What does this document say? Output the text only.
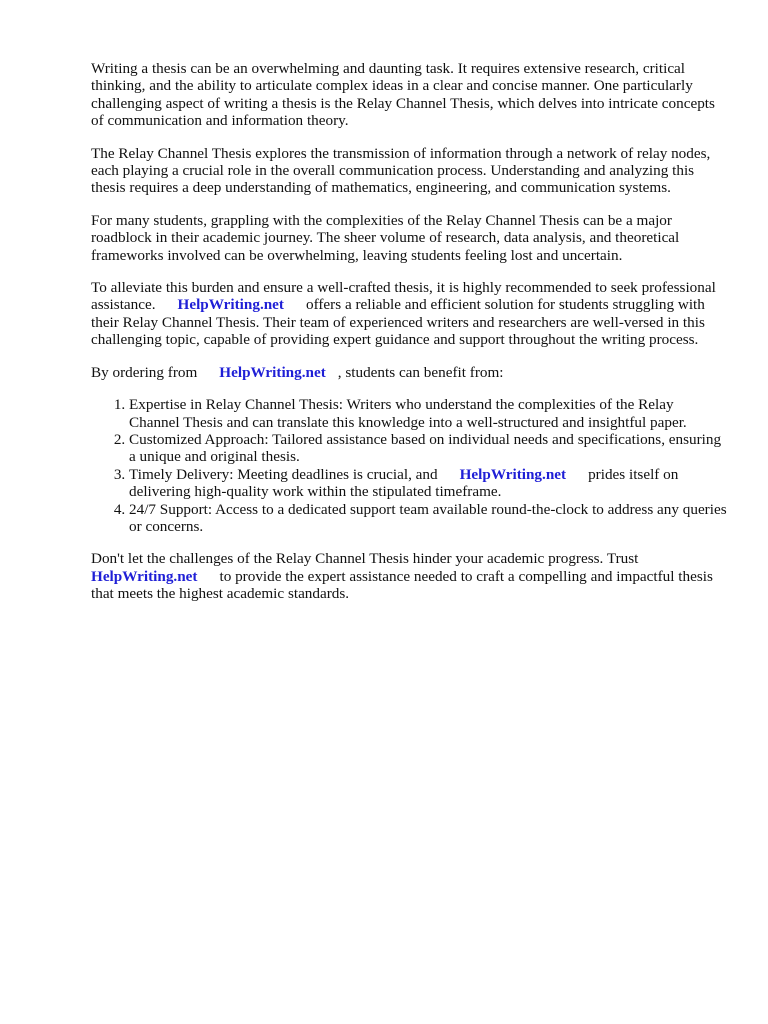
Writing a thesis can be an overwhelming and daunting task. It requires extensive research, critical thinking, and the ability to articulate complex ideas in a clear and concise manner. One particularly challenging aspect of writing a thesis is the Relay Channel Thesis, which delves into intricate concepts of communication and information theory.

The Relay Channel Thesis explores the transmission of information through a network of relay nodes, each playing a crucial role in the overall communication process. Understanding and analyzing this thesis requires a deep understanding of mathematics, engineering, and communication systems.

For many students, grappling with the complexities of the Relay Channel Thesis can be a major roadblock in their academic journey. The sheer volume of research, data analysis, and theoretical frameworks involved can be overwhelming, leaving students feeling lost and uncertain.

To alleviate this burden and ensure a well-crafted thesis, it is highly recommended to seek professional assistance. HelpWriting.net offers a reliable and efficient solution for students struggling with their Relay Channel Thesis. Their team of experienced writers and researchers are well-versed in this challenging topic, capable of providing expert guidance and support throughout the writing process.

By ordering from HelpWriting.net , students can benefit from:

1. Expertise in Relay Channel Thesis: Writers who understand the complexities of the Relay Channel Thesis and can translate this knowledge into a well-structured and insightful paper.
2. Customized Approach: Tailored assistance based on individual needs and specifications, ensuring a unique and original thesis.
3. Timely Delivery: Meeting deadlines is crucial, and HelpWriting.net prides itself on delivering high-quality work within the stipulated timeframe.
4. 24/7 Support: Access to a dedicated support team available round-the-clock to address any queries or concerns.

Don't let the challenges of the Relay Channel Thesis hinder your academic progress. Trust HelpWriting.net to provide the expert assistance needed to craft a compelling and impactful thesis that meets the highest academic standards.
